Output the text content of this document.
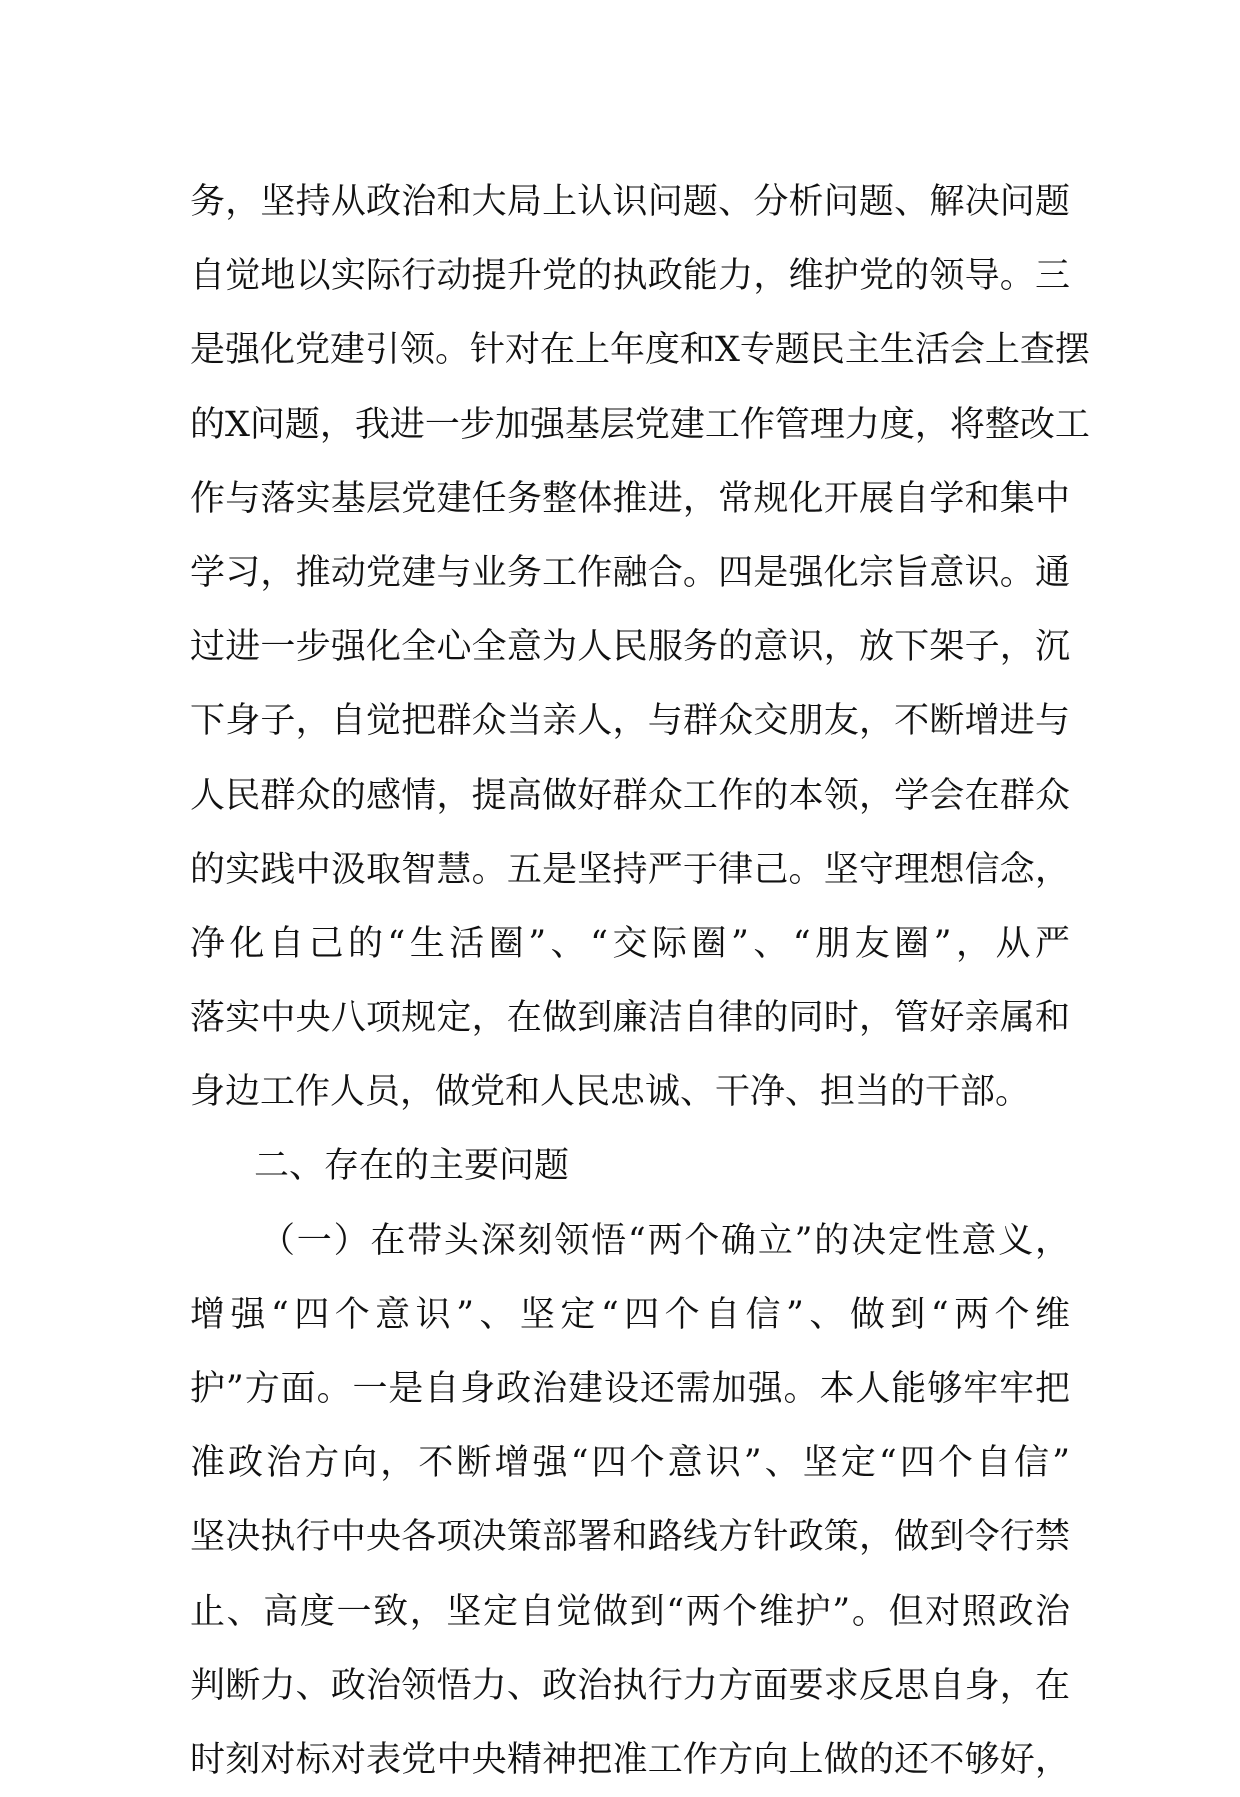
务，坚持从政治和大局上认识问题、分析问题、解决问题
自觉地以实际行动提升党的执政能力，维护党的领导。三
是强化党建引领。针对在上年度和X专题民主生活会上查摆
的X问题，我进一步加强基层党建工作管理力度，将整改工
作与落实基层党建任务整体推进，常规化开展自学和集中
学习，推动党建与业务工作融合。四是强化宗旨意识。通
过进一步强化全心全意为人民服务的意识，放下架子，沉
下身子，自觉把群众当亲人，与群众交朋友，不断增进与
人民群众的感情，提高做好群众工作的本领，学会在群众
的实践中汲取智慧。五是坚持严于律己。坚守理想信念，
净化自己的“生活圈”、“交际圈”、“朋友圈”，从严
落实中央八项规定，在做到廉洁自律的同时，管好亲属和
身边工作人员，做党和人民忠诚、干净、担当的干部。
二、存在的主要问题
（一）在带头深刻领悟“两个确立”的决定性意义，
增强“四个意识”、坚定“四个自信”、做到“两个维
护”方面。一是自身政治建设还需加强。本人能够牢牢把
准政治方向，不断增强“四个意识”、坚定“四个自信”
坚决执行中央各项决策部署和路线方针政策，做到令行禁
止、高度一致，坚定自觉做到“两个维护”。但对照政治
判断力、政治领悟力、政治执行力方面要求反思自身，在
时刻对标对表党中央精神把准工作方向上做的还不够好，
